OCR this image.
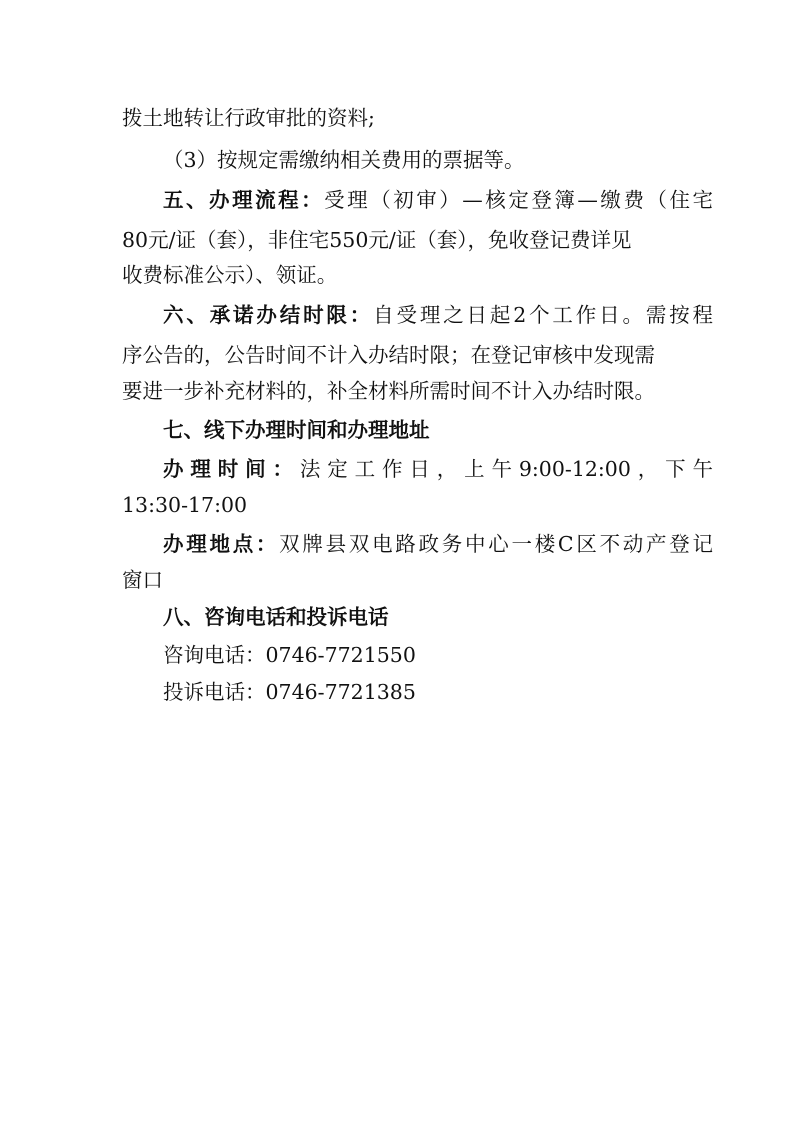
拨土地转让行政审批的资料;

（3）按规定需缴纳相关费用的票据等。

五、办理流程：受理（初审）—核定登簿—缴费（住宅

80元/证（套），非住宅550元/证（套），免收登记费详见

收费标准公示）、领证。

六、承诺办结时限：自受理之日起2个工作日。需按程

序公告的，公告时间不计入办结时限；在登记审核中发现需

要进一步补充材料的，补全材料所需时间不计入办结时限。

七、线下办理时间和办理地址

办理时间：法定工作日，上午9:00-12:00，下午

13:30-17:00

办理地点：双牌县双电路政务中心一楼C区不动产登记

窗口

八、咨询电话和投诉电话

咨询电话：0746-7721550

投诉电话：0746-7721385
